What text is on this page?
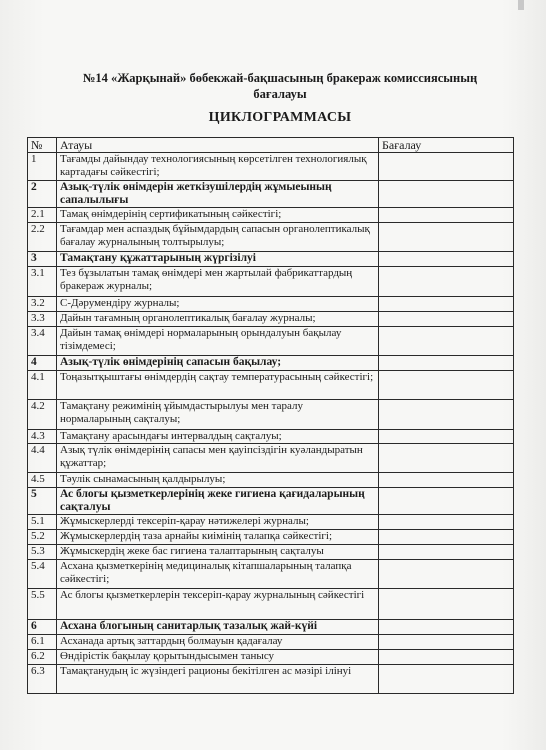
№14 «Жарқынай» бөбекжай-бақшасының бракераж комиссиясының бағалауы
ЦИКЛОГРАММАСЫ
№	Атауы	Бағалау
1	Тағамды дайындау технологиясының көрсетілген технологиялық картадағы сәйкестігі;	
2	Азық-түлік өнімдерін жеткізушілердің жұмыеының сапалылығы	
2.1	Тамақ өнімдерінің сертификатының сәйкестігі;	
2.2	Тағамдар мен аспаздық бұйымдардың сапасын органолептикалық бағалау журналының толтырылуы;	
3	Тамақтану құжаттарының жүргізілуі	
3.1	Тез бұзылатын тамақ өнімдері мен жартылай фабрикаттардың бракераж журналы;	
3.2	С-Дәрумендіру журналы;	
3.3	Дайын тағамның органолептикалық бағалау журналы;	
3.4	Дайын тамақ өнімдері нормаларының орындалуын бақылау тізімдемесі;	
4	Азық-түлік өнімдерінің сапасын бақылау;	
4.1	Тоңазытқыштағы өнімдердің сақтау температурасының сәйкестігі;	
4.2	Тамақтану режимінің ұйымдастырылуы мен таралу нормаларының сақталуы;	
4.3	Тамақтану арасындағы интервалдың сақталуы;	
4.4	Азық түлік өнімдерінің сапасы мен қауіпсіздігін куәландыратын құжаттар;	
4.5	Тәулік сынамасының қалдырылуы;	
5	Ас блогы қызметкерлерінің жеке гигиена қағидаларының сақталуы	
5.1	Жұмыскерлерді тексеріп-қарау нәтижелері журналы;	
5.2	Жұмыскерлердің таза арнайы киімінің талапқа сәйкестігі;	
5.3	Жұмыскердің жеке бас гигиена талаптарының сақталуы	
5.4	Асхана қызметкерінің медициналық кітапшаларының талапқа сәйкестігі;	
5.5	Ас блогы қызметкерлерін тексеріп-қарау журналының сәйкестігі	
6	Асхана блогының санитарлық тазалық жай-күйі	
6.1	Асханада артық заттардың болмауын қадағалау	
6.2	Өндірістік бақылау қорытындысымен танысу	
6.3	Тамақтанудың іс жүзіндегі рационы бекітілген ас мәзірі ілінуі	
